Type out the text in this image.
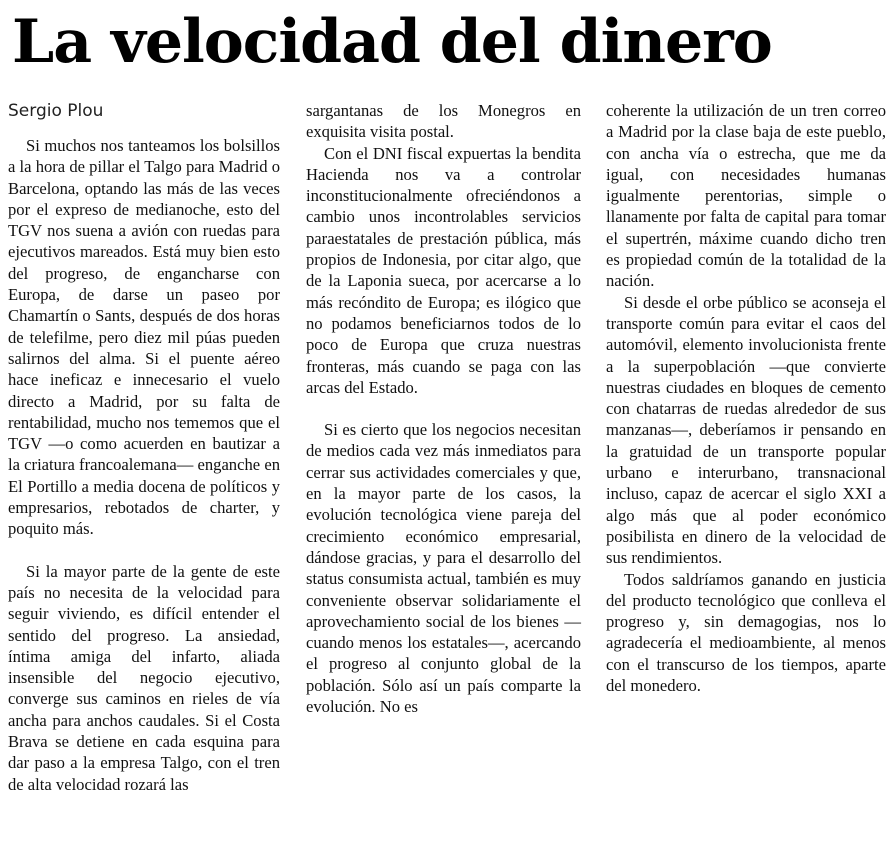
La velocidad del dinero
Sergio Plou

Si muchos nos tanteamos los bolsillos a la hora de pillar el Talgo para Madrid o Barcelona, optando las más de las veces por el expreso de medianoche, esto del TGV nos suena a avión con ruedas para ejecutivos mareados. Está muy bien esto del progreso, de engancharse con Europa, de darse un paseo por Chamartín o Sants, después de dos horas de telefilme, pero diez mil púas pueden salirnos del alma. Si el puente aéreo hace ineficaz e innecesario el vuelo directo a Madrid, por su falta de rentabilidad, mucho nos tememos que el TGV —o como acuerden en bautizar a la criatura francoalemana— enganche en El Portillo a media docena de políticos y empresarios, rebotados de charter, y poquito más.

Si la mayor parte de la gente de este país no necesita de la velocidad para seguir viviendo, es difícil entender el sentido del progreso. La ansiedad, íntima amiga del infarto, aliada insensible del negocio ejecutivo, converge sus caminos en rieles de vía ancha para anchos caudales. Si el Costa Brava se detiene en cada esquina para dar paso a la empresa Talgo, con el tren de alta velocidad rozará las

sargantanas de los Monegros en exquisita visita postal.

Con el DNI fiscal expuertas la bendita Hacienda nos va a controlar inconstitucionalmente ofreciéndonos a cambio unos incontrolables servicios paraestatales de prestación pública, más propios de Indonesia, por citar algo, que de la Laponia sueca, por acercarse a lo más recóndito de Europa; es ilógico que no podamos beneficiarnos todos de lo poco de Europa que cruza nuestras fronteras, más cuando se paga con las arcas del Estado.

Si es cierto que los negocios necesitan de medios cada vez más inmediatos para cerrar sus actividades comerciales y que, en la mayor parte de los casos, la evolución tecnológica viene pareja del crecimiento económico empresarial, dándose gracias, y para el desarrollo del status consumista actual, también es muy conveniente observar solidariamente el aprovechamiento social de los bienes —cuando menos los estatales—, acercando el progreso al conjunto global de la población. Sólo así un país comparte la evolución. No es

coherente la utilización de un tren correo a Madrid por la clase baja de este pueblo, con ancha vía o estrecha, que me da igual, con necesidades humanas igualmente perentorias, simple o llanamente por falta de capital para tomar el supertrén, máxime cuando dicho tren es propiedad común de la totalidad de la nación.

Si desde el orbe público se aconseja el transporte común para evitar el caos del automóvil, elemento involucionista frente a la superpoblación —que convierte nuestras ciudades en bloques de cemento con chatarras de ruedas alrededor de sus manzanas—, deberíamos ir pensando en la gratuidad de un transporte popular urbano e interurbano, transnacional incluso, capaz de acercar el siglo XXI a algo más que al poder económico posibilista en dinero de la velocidad de sus rendimientos.

Todos saldríamos ganando en justicia del producto tecnológico que conlleva el progreso y, sin demagogias, nos lo agradecería el medioambiente, al menos con el transcurso de los tiempos, aparte del monedero.
